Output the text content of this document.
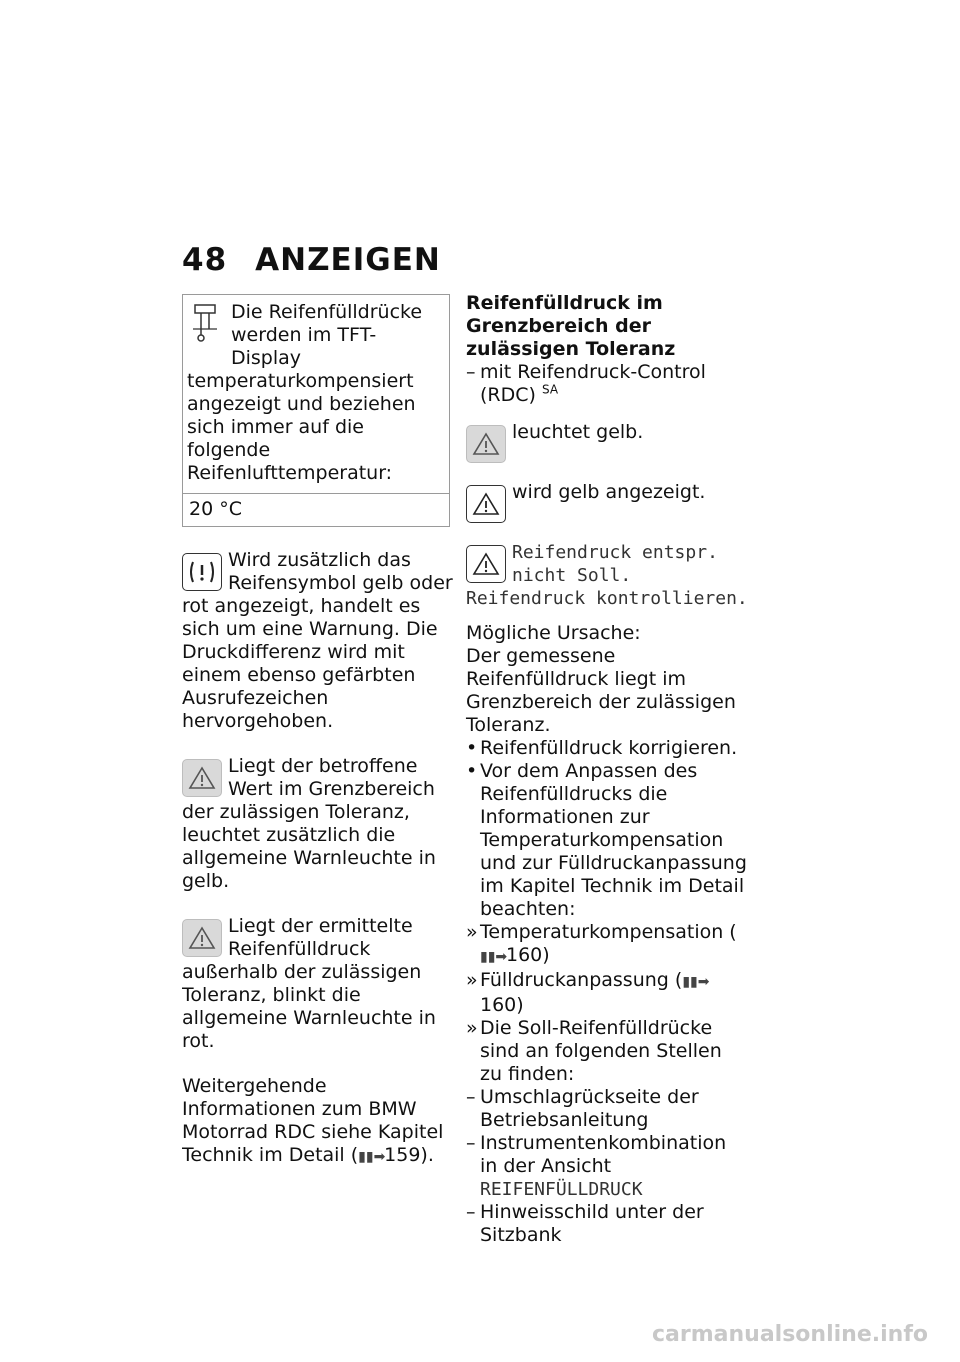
48 ANZEIGEN

Die Reifenfülldrücke werden im TFT-Display temperaturkompensiert angezeigt und beziehen sich immer auf die folgende Reifenlufttemperatur:

20 °C

Wird zusätzlich das Reifensymbol gelb oder rot angezeigt, handelt es sich um eine Warnung. Die Druckdifferenz wird mit einem ebenso gefärbten Ausrufezeichen hervorgehoben.

Liegt der betroffene Wert im Grenzbereich der zulässigen Toleranz, leuchtet zusätzlich die allgemeine Warnleuchte in gelb.

Liegt der ermittelte Reifenfülldruck außerhalb der zulässigen Toleranz, blinkt die allgemeine Warnleuchte in rot.

Weitergehende Informationen zum BMW Motorrad RDC siehe Kapitel Technik im Detail (▮▮➡159).

Reifenfülldruck im Grenzbereich der zulässigen Toleranz

– mit Reifendruck-Control (RDC) $^{SA}$

leuchtet gelb.

wird gelb angezeigt.

Reifendruck entspr. nicht Soll. Reifendruck kontrollieren.

Mögliche Ursache:

Der gemessene Reifenfülldruck liegt im Grenzbereich der zulässigen Toleranz.

• Reifenfülldruck korrigieren.

• Vor dem Anpassen des Reifenfülldrucks die Informationen zur Temperaturkompensation und zur Fülldruckanpassung im Kapitel Technik im Detail beachten:

» Temperaturkompensation (▮▮➡160)

» Fülldruckanpassung (▮▮➡160)

» Die Soll-Reifenfülldrücke sind an folgenden Stellen zu finden:

– Umschlagrückseite der Betriebsanleitung

– Instrumentenkombination in der Ansicht REIFENFÜLLDRUCK

– Hinweisschild unter der Sitzbank

carmanualsonline.info
